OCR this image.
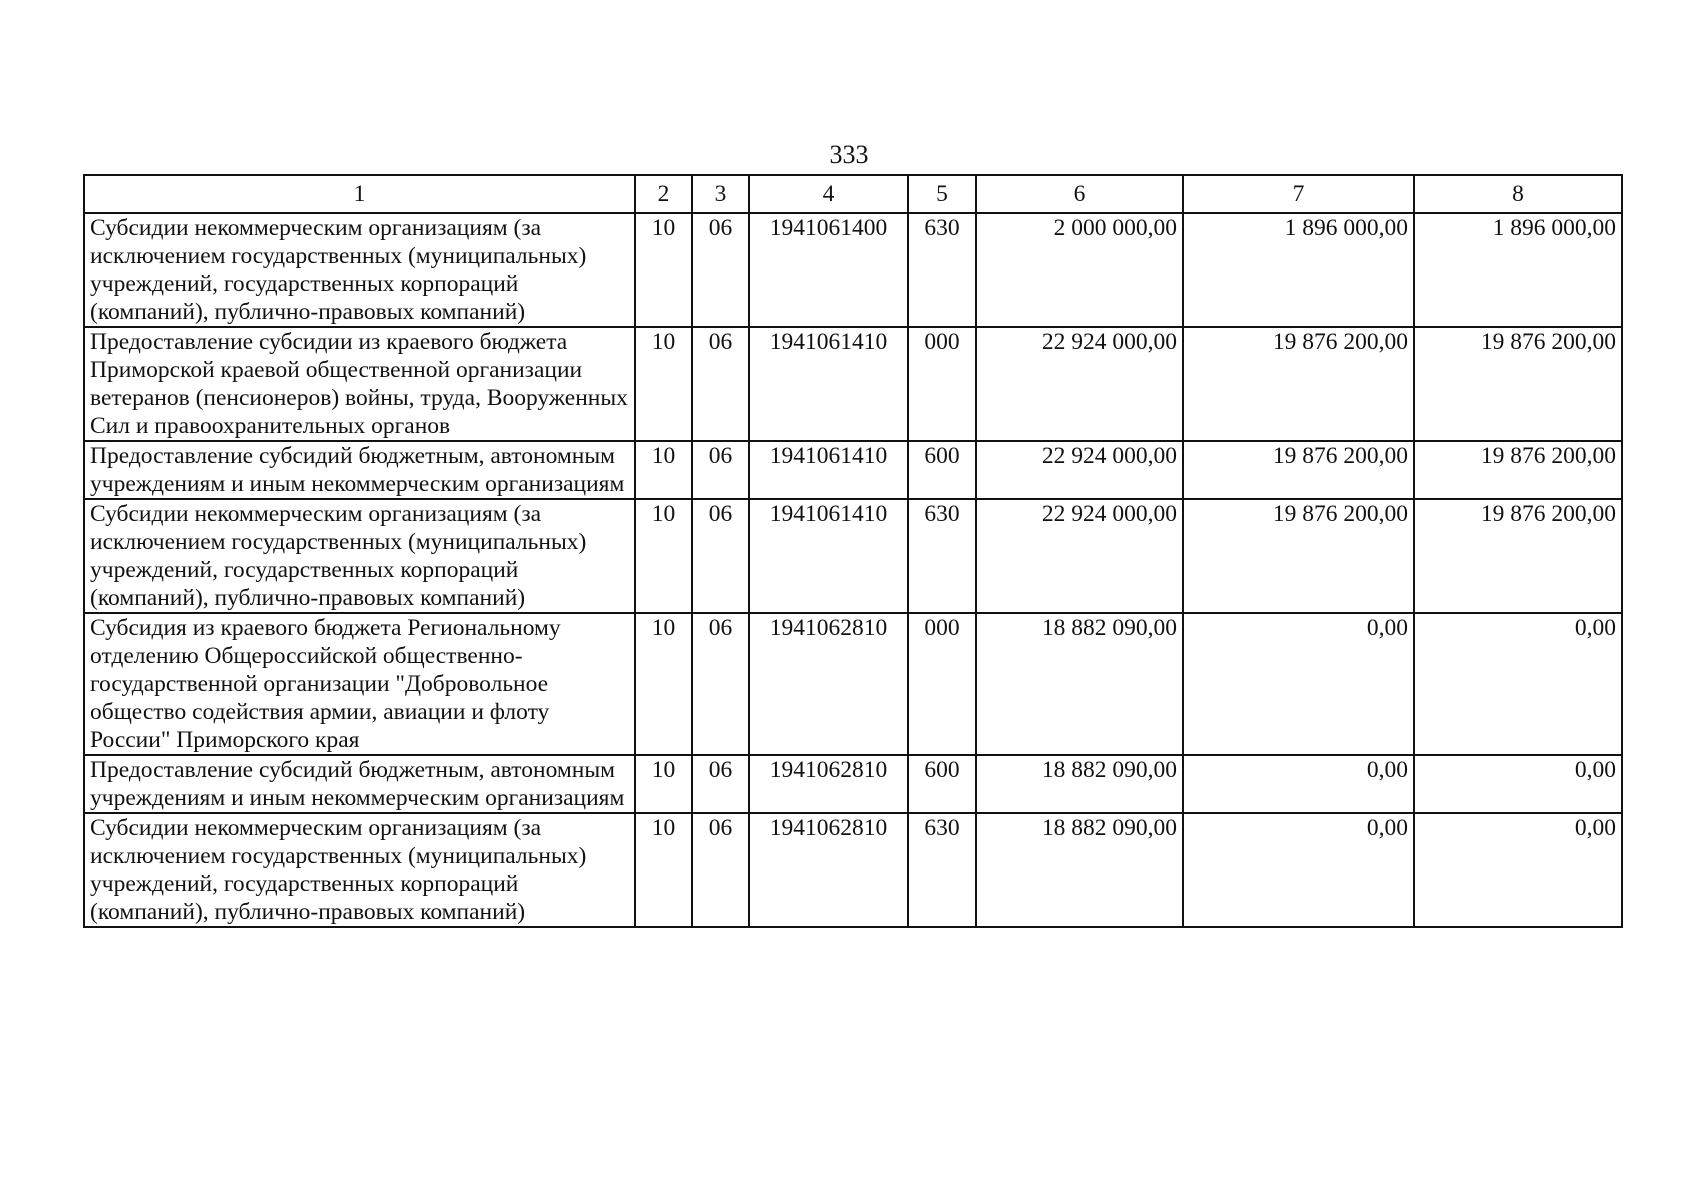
333
1	2	3	4	5	6	7	8
Субсидии некоммерческим организациям (за исключением государственных (муниципальных) учреждений, государственных корпораций (компаний), публично-правовых компаний)	10	06	1941061400	630	2 000 000,00	1 896 000,00	1 896 000,00
Предоставление субсидии из краевого бюджета Приморской краевой общественной организации ветеранов (пенсионеров) войны, труда, Вооруженных Сил и правоохранительных органов	10	06	1941061410	000	22 924 000,00	19 876 200,00	19 876 200,00
Предоставление субсидий бюджетным, автономным учреждениям и иным некоммерческим организациям	10	06	1941061410	600	22 924 000,00	19 876 200,00	19 876 200,00
Субсидии некоммерческим организациям (за исключением государственных (муниципальных) учреждений, государственных корпораций (компаний), публично-правовых компаний)	10	06	1941061410	630	22 924 000,00	19 876 200,00	19 876 200,00
Субсидия из краевого бюджета Региональному отделению Общероссийской общественно-государственной организации "Добровольное общество содействия армии, авиации и флоту России" Приморского края	10	06	1941062810	000	18 882 090,00	0,00	0,00
Предоставление субсидий бюджетным, автономным учреждениям и иным некоммерческим организациям	10	06	1941062810	600	18 882 090,00	0,00	0,00
Субсидии некоммерческим организациям (за исключением государственных (муниципальных) учреждений, государственных корпораций (компаний), публично-правовых компаний)	10	06	1941062810	630	18 882 090,00	0,00	0,00
